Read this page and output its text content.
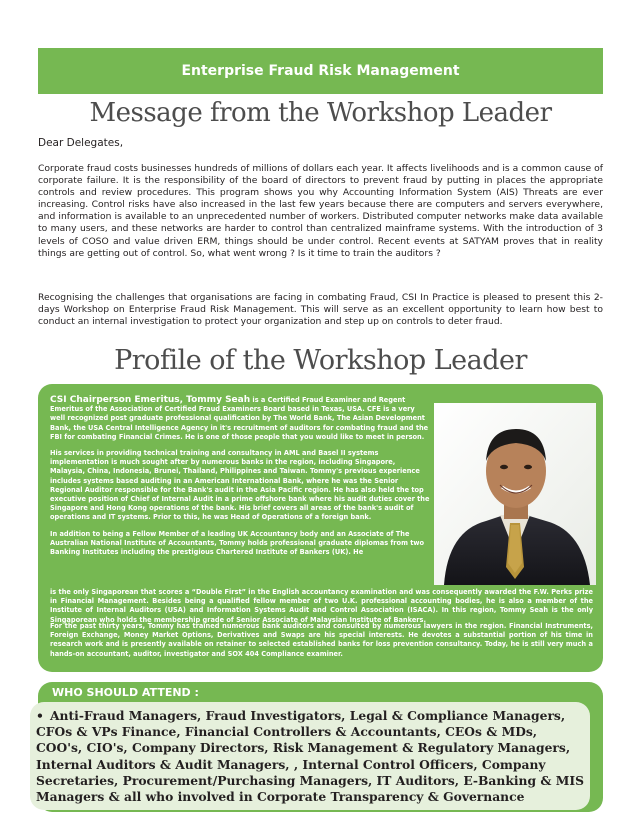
Enterprise Fraud Risk Management
Message from the Workshop Leader
Dear Delegates,
Corporate fraud costs businesses hundreds of millions of dollars each year. It affects livelihoods and is a common cause of corporate failure. It is the responsibility of the board of directors to prevent fraud by putting in places the appropriate controls and review procedures. This program shows you why Accounting Information System (AIS) Threats are ever increasing. Control risks have also increased in the last few years because there are computers and servers everywhere, and information is available to an unprecedented number of workers. Distributed computer networks make data available to many users, and these networks are harder to control than centralized mainframe systems. With the introduction of 3 levels of COSO and value driven ERM, things should be under control. Recent events at SATYAM proves that in reality things are getting out of control. So, what went wrong ? Is it time to train the auditors ?
Recognising the challenges that organisations are facing in combating Fraud, CSI In Practice is pleased to present this 2-days Workshop on Enterprise Fraud Risk Management. This will serve as an excellent opportunity to learn how best to conduct an internal investigation to protect your organization and step up on controls to deter fraud.
Profile of the Workshop Leader

CSI Chairperson Emeritus, Tommy Seah is a Certified Fraud Examiner and Regent Emeritus of the Association of Certified Fraud Examiners Board based in Texas, USA. CFE is a very well recognized post graduate professional qualification by The World Bank, The Asian Development Bank, the USA Central Intelligence Agency in it's recruitment of auditors for combating fraud and the FBI for combating Financial Crimes. He is one of those people that you would like to meet in person.

His services in providing technical training and consultancy in AML and Basel II systems implementation is much sought after by numerous banks in the region, including Singapore, Malaysia, China, Indonesia, Brunei, Thailand, Philippines and Taiwan. Tommy's previous experience includes systems based auditing in an American International Bank, where he was the Senior Regional Auditor responsible for the Bank's audit in the Asia Pacific region. He has also held the top executive position of Chief of Internal Audit in a prime offshore bank where his audit duties cover the Singapore and Hong Kong operations of the bank. His brief covers all areas of the bank's audit of operations and IT systems. Prior to this, he was Head of Operations of a foreign bank.

In addition to being a Fellow Member of a leading UK Accountancy body and an Associate of The Australian National Institute of Accountants, Tommy holds professional graduate diplomas from two Banking Institutes including the prestigious Chartered Institute of Bankers (UK). He

is the only Singaporean that scores a “Double First” in the English accountancy examination and was consequently awarded the F.W. Perks prize in Financial Management. Besides being a qualified fellow member of two U.K. professional accounting bodies, he is also a member of the Institute of Internal Auditors (USA) and Information Systems Audit and Control Association (ISACA). In this region, Tommy Seah is the only Singaporean who holds the membership grade of Senior Associate of Malaysian Institute of Bankers.
For the past thirty years, Tommy has trained numerous bank auditors and consulted by numerous lawyers in the region. Financial Instruments, Foreign Exchange, Money Market Options, Derivatives and Swaps are his special interests. He devotes a substantial portion of his time in research work and is presently available on retainer to selected established banks for loss prevention consultancy. Today, he is still very much a hands-on accountant, auditor, investigator and SOX 404 Compliance examiner.
WHO SHOULD ATTEND :
• Anti-Fraud Managers, Fraud Investigators, Legal & Compliance Managers, CFOs & VPs Finance, Financial Controllers & Accountants, CEOs & MDs, COO's, CIO's, Company Directors, Risk Management & Regulatory Managers, Internal Auditors & Audit Managers, , Internal Control Officers, Company Secretaries, Procurement/Purchasing Managers, IT Auditors, E-Banking & MIS Managers & all who involved in Corporate Transparency & Governance
